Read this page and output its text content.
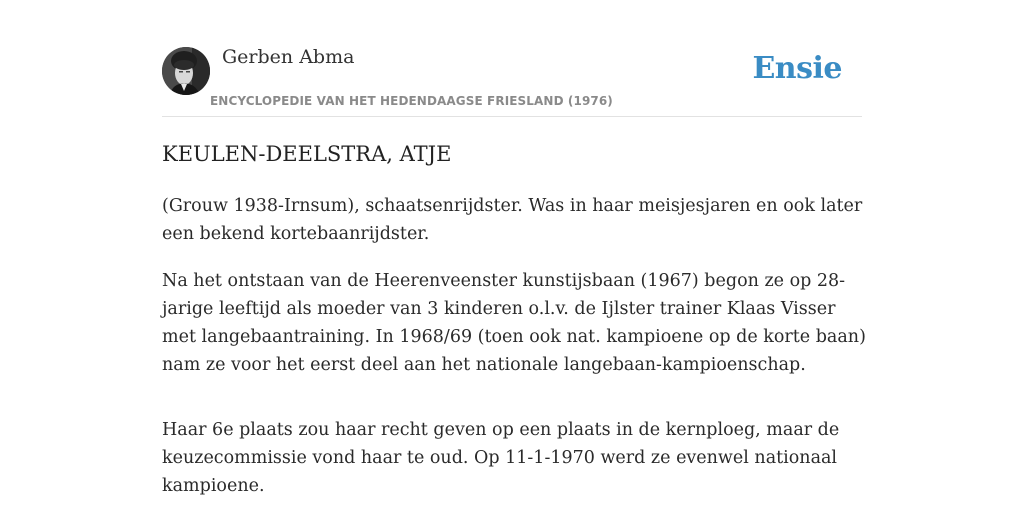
Gerben Abma
ENCYCLOPEDIE VAN HET HEDENDAAGSE FRIESLAND (1976)
Ensie
KEULEN-DEELSTRA, ATJE

(Grouw 1938-Irnsum), schaatsenrijdster. Was in haar meisjesjaren en ook later een bekend kortebaanrijdster.

Na het ontstaan van de Heerenveenster kunstijsbaan (1967) begon ze op 28-jarige leeftijd als moeder van 3 kinderen o.l.v. de Ijlster trainer Klaas Visser met langebaantraining. In 1968/69 (toen ook nat. kampioene op de korte baan) nam ze voor het eerst deel aan het nationale langebaan-kampioenschap.

Haar 6e plaats zou haar recht geven op een plaats in de kernploeg, maar de keuzecommissie vond haar te oud. Op 11-1-1970 werd ze evenwel nationaal kampioene.
